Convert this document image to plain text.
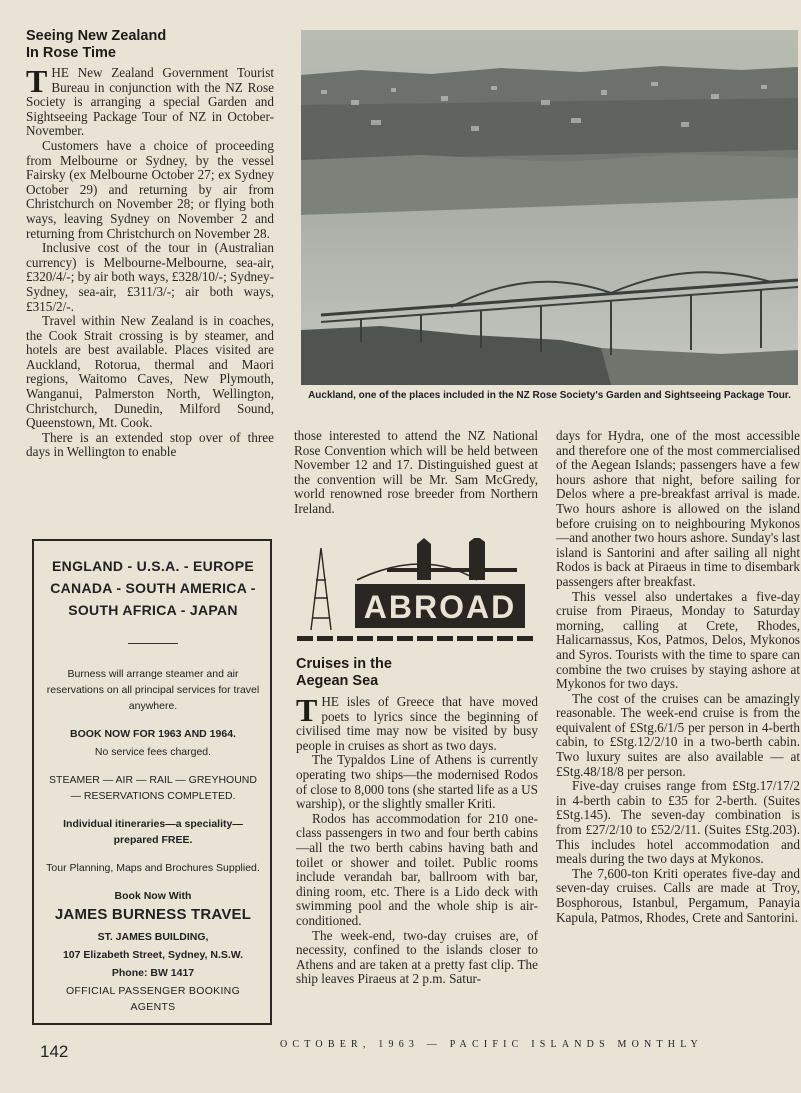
Seeing New Zealand
In Rose Time

THE New Zealand Government Tourist Bureau in conjunction with the NZ Rose Society is arranging a special Garden and Sightseeing Package Tour of NZ in October-November.

Customers have a choice of proceeding from Melbourne or Sydney, by the vessel Fairsky (ex Melbourne October 27; ex Sydney October 29) and returning by air from Christchurch on November 28; or flying both ways, leaving Sydney on November 2 and returning from Christchurch on November 28.

Inclusive cost of the tour in (Australian currency) is Melbourne-Melbourne, sea-air, £320/4/-; by air both ways, £328/10/-; Sydney-Sydney, sea-air, £311/3/-; air both ways, £315/2/-.

Travel within New Zealand is in coaches, the Cook Strait crossing is by steamer, and hotels are best available. Places visited are Auckland, Rotorua, thermal and Maori regions, Waitomo Caves, New Plymouth, Wanganui, Palmerston North, Wellington, Christchurch, Dunedin, Milford Sound, Queenstown, Mt. Cook.

There is an extended stop over of three days in Wellington to enable

ENGLAND - U.S.A. - EUROPE
CANADA - SOUTH AMERICA -
SOUTH AFRICA - JAPAN
Burness will arrange steamer and air reservations on all principal services for travel anywhere.
BOOK NOW FOR 1963 AND 1964.
No service fees charged.
STEAMER — AIR — RAIL — GREYHOUND — RESERVATIONS COMPLETED.
Individual itineraries—a speciality—prepared FREE.
Tour Planning, Maps and Brochures Supplied.
Book Now With
JAMES BURNESS TRAVEL
ST. JAMES BUILDING,
107 Elizabeth Street, Sydney, N.S.W.
Phone: BW 1417
OFFICIAL PASSENGER BOOKING AGENTS
Auckland, one of the places included in the NZ Rose Society's Garden and Sightseeing Package Tour.

those interested to attend the NZ National Rose Convention which will be held between November 12 and 17. Distinguished guest at the convention will be Mr. Sam McGredy, world renowned rose breeder from Northern Ireland.

ABROAD
Cruises in the
Aegean Sea

THE isles of Greece that have moved poets to lyrics since the beginning of civilised time may now be visited by busy people in cruises as short as two days.

The Typaldos Line of Athens is currently operating two ships—the modernised Rodos of close to 8,000 tons (she started life as a US warship), or the slightly smaller Kriti.

Rodos has accommodation for 210 one-class passengers in two and four berth cabins—all the two berth cabins having bath and toilet or shower and toilet. Public rooms include verandah bar, ballroom with bar, dining room, etc. There is a Lido deck with swimming pool and the whole ship is air-conditioned.

The week-end, two-day cruises are, of necessity, confined to the islands closer to Athens and are taken at a pretty fast clip. The ship leaves Piraeus at 2 p.m. Satur-

days for Hydra, one of the most accessible and therefore one of the most commercialised of the Aegean Islands; passengers have a few hours ashore that night, before sailing for Delos where a pre-breakfast arrival is made. Two hours ashore is allowed on the island before cruising on to neighbouring Mykonos—and another two hours ashore. Sunday's last island is Santorini and after sailing all night Rodos is back at Piraeus in time to disembark passengers after breakfast.

This vessel also undertakes a five-day cruise from Piraeus, Monday to Saturday morning, calling at Crete, Rhodes, Halicarnassus, Kos, Patmos, Delos, Mykonos and Syros. Tourists with the time to spare can combine the two cruises by staying ashore at Mykonos for two days.

The cost of the cruises can be amazingly reasonable. The week-end cruise is from the equivalent of £Stg.6/1/5 per person in 4-berth cabin, to £Stg.12/2/10 in a two-berth cabin. Two luxury suites are also available — at £Stg.48/18/8 per person.

Five-day cruises range from £Stg.17/17/2 in 4-berth cabin to £35 for 2-berth. (Suites £Stg.145). The seven-day combination is from £27/2/10 to £52/2/11. (Suites £Stg.203). This includes hotel accommodation and meals during the two days at Mykonos.

The 7,600-ton Kriti operates five-day and seven-day cruises. Calls are made at Troy, Bosphorous, Istanbul, Pergamum, Panayia Kapula, Patmos, Rhodes, Crete and Santorini.

142	OCTOBER, 1963 — PACIFIC ISLANDS MONTHLY
